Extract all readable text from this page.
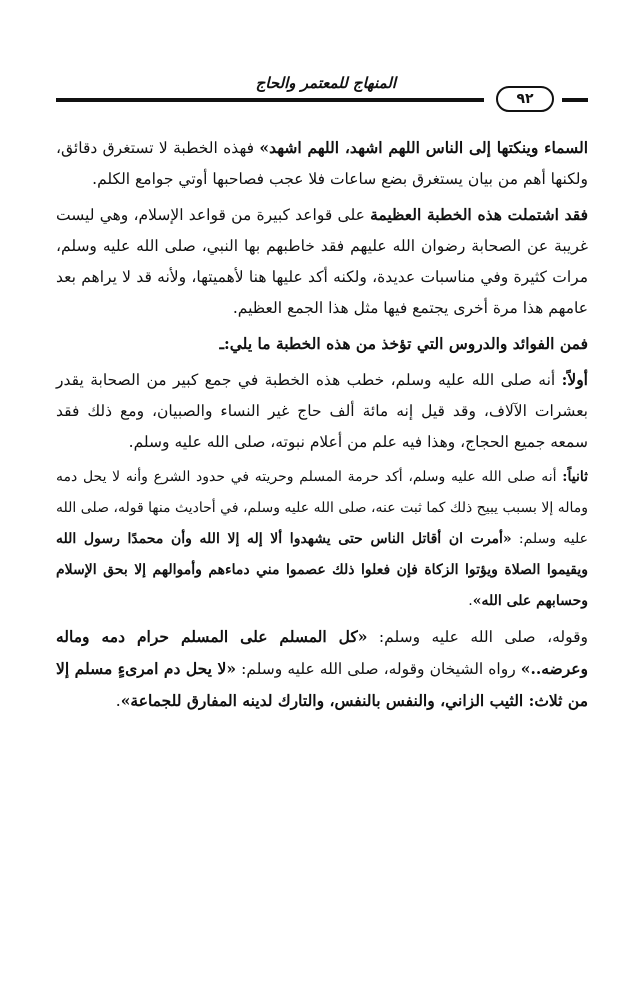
المنهاج للمعتمر والحاج
٩٢

السماء وينكتها إلى الناس اللهم اشهد، اللهم اشهد» فهذه الخطبة لا تستغرق دقائق، ولكنها أهم من بيان يستغرق بضع ساعات فلا عجب فصاحبها أوتي جوامع الكلم.

فقد اشتملت هذه الخطبة العظيمة على قواعد كبيرة من قواعد الإسلام، وهي ليست غريبة عن الصحابة رضوان الله عليهم فقد خاطبهم بها النبي، صلى الله عليه وسلم، مرات كثيرة وفي مناسبات عديدة، ولكنه أكد عليها هنا لأهميتها، ولأنه قد لا يراهم بعد عامهم هذا مرة أخرى يجتمع فيها مثل هذا الجمع العظيم.

فمن الفوائد والدروس التي تؤخذ من هذه الخطبة ما يلي:ـ

أولاً: أنه صلى الله عليه وسلم، خطب هذه الخطبة في جمع كبير من الصحابة يقدر بعشرات الآلاف، وقد قيل إنه مائة ألف حاج غير النساء والصبيان، ومع ذلك فقد سمعه جميع الحجاج، وهذا فيه علم من أعلام نبوته، صلى الله عليه وسلم.

ثانياً: أنه صلى الله عليه وسلم، أكد حرمة المسلم وحريته في حدود الشرع وأنه لا يحل دمه وماله إلا بسبب يبيح ذلك كما ثبت عنه، صلى الله عليه وسلم، في أحاديث منها قوله، صلى الله عليه وسلم: «أمرت ان أقاتل الناس حتى يشهدوا ألا إله إلا الله وأن محمدًا رسول الله ويقيموا الصلاة ويؤتوا الزكاة فإن فعلوا ذلك عصموا مني دماءهم وأموالهم إلا بحق الإسلام وحسابهم على الله».

وقوله، صلى الله عليه وسلم: «كل المسلم على المسلم حرام دمه وماله وعرضه..» رواه الشيخان وقوله، صلى الله عليه وسلم: «لا يحل دم امرىءٍ مسلم إلا من ثلاث: الثيب الزاني، والنفس بالنفس، والتارك لدينه المفارق للجماعة».
